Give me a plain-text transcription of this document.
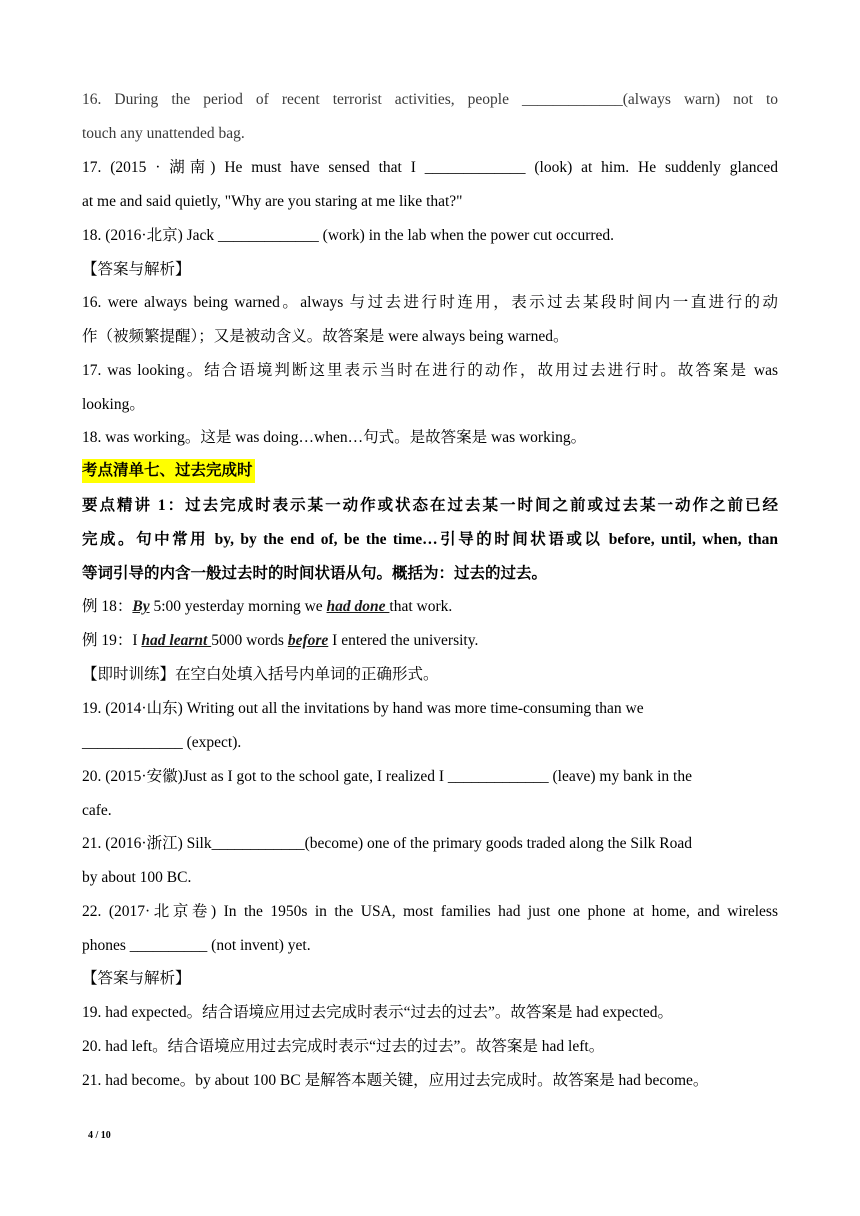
16. During the period of recent terrorist activities, people _____________(always warn) not to
touch any unattended bag.
17. (2015 · 湖南) He must have sensed that I _____________ (look) at him. He suddenly glanced
at me and said quietly, "Why are you staring at me like that?"
18. (2016·北京) Jack _____________ (work) in the lab when the power cut occurred.
【答案与解析】
16. were always being warned。always 与过去进行时连用，表示过去某段时间内一直进行的动
作（被频繁提醒）；又是被动含义。故答案是 were always being warned。
17. was looking。结合语境判断这里表示当时在进行的动作，故用过去进行时。故答案是 was
looking。
18. was working。这是 was doing…when…句式。是故答案是 was working。
考点清单七、过去完成时
要点精讲 1：过去完成时表示某一动作或状态在过去某一时间之前或过去某一动作之前已经
完成。句中常用 by, by the end of, be the time…引导的时间状语或以 before, until, when, than
等词引导的内含一般过去时的时间状语从句。概括为：过去的过去。
例 18：By 5:00 yesterday morning we had done that work.
例 19：I had learnt 5000 words before I entered the university.
【即时训练】在空白处填入括号内单词的正确形式。
19. (2014·山东) Writing out all the invitations by hand was more time-consuming than we
_____________ (expect).
20. (2015·安徽)Just as I got to the school gate, I realized I _____________ (leave) my bank in the
cafe.
21. (2016·浙江) Silk____________(become) one of the primary goods traded along the Silk Road
by about 100 BC.
22. (2017·北京卷) In the 1950s in the USA, most families had just one phone at home, and wireless
phones __________ (not invent) yet.
【答案与解析】
19. had expected。结合语境应用过去完成时表示“过去的过去”。故答案是 had expected。
20. had left。结合语境应用过去完成时表示“过去的过去”。故答案是 had left。
21. had become。by about 100 BC 是解答本题关键，应用过去完成时。故答案是 had become。
4 / 10
